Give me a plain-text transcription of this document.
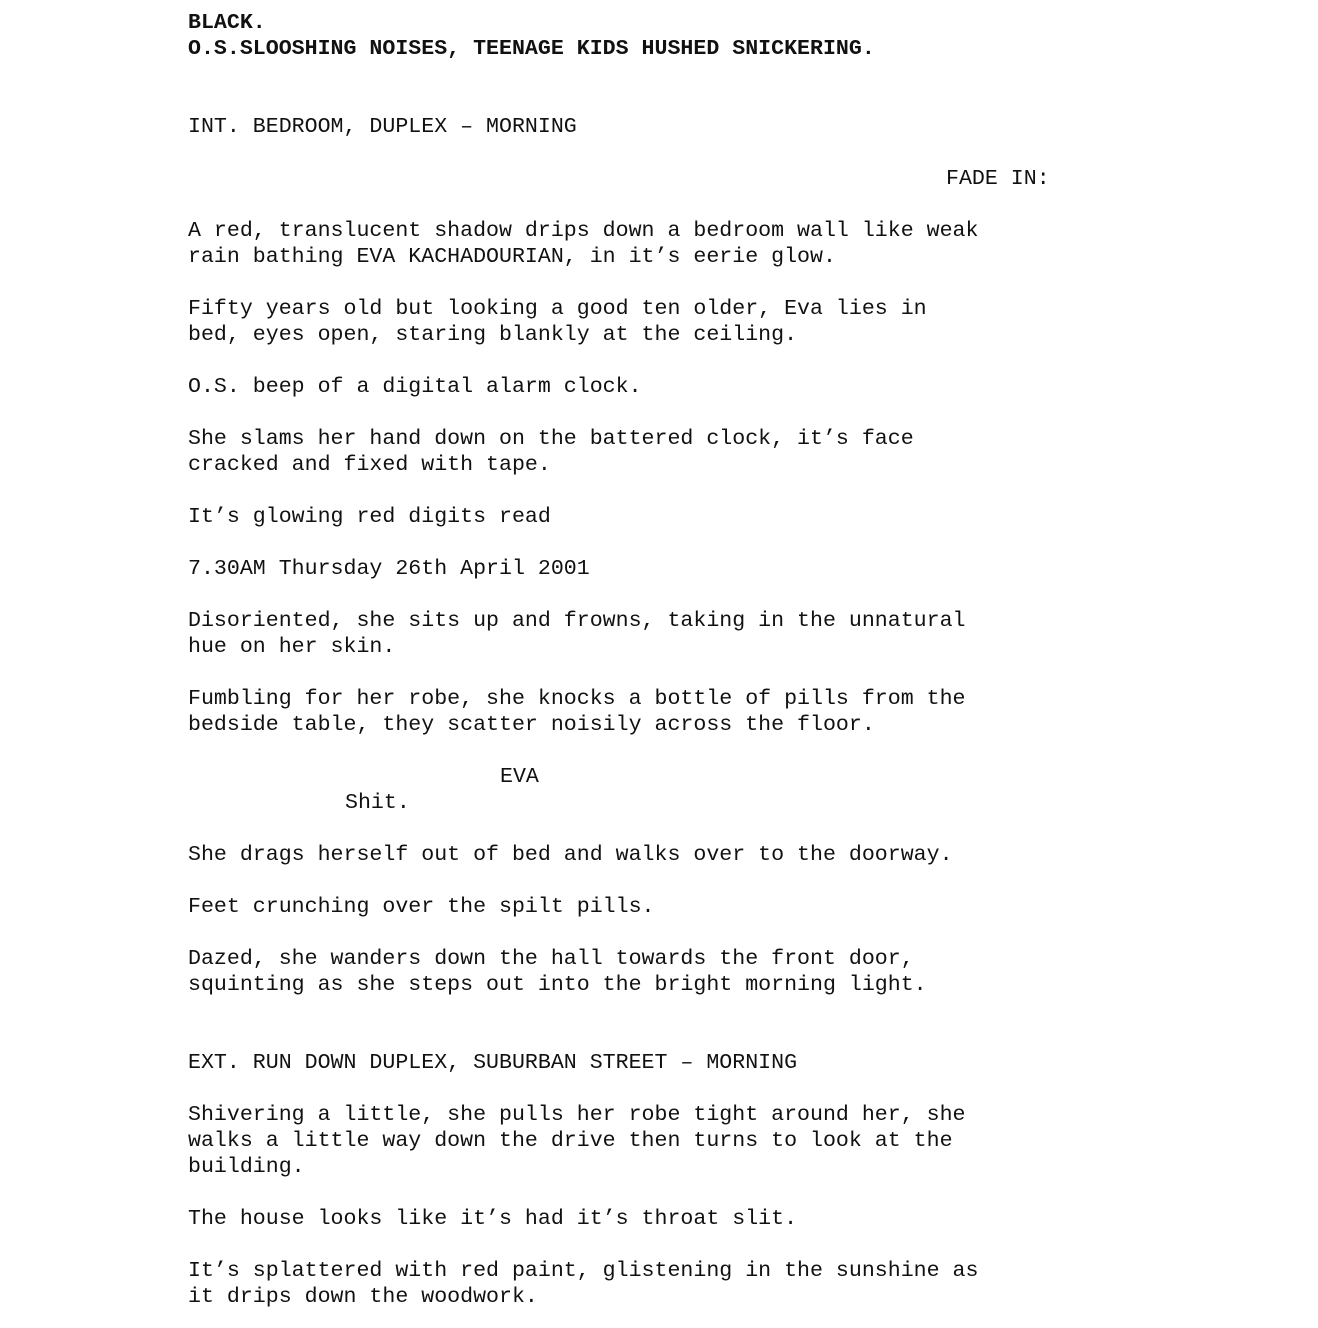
BLACK.
O.S.SLOOSHING NOISES, TEENAGE KIDS HUSHED SNICKERING.
INT. BEDROOM, DUPLEX – MORNING
FADE IN:
A red, translucent shadow drips down a bedroom wall like weak
rain bathing EVA KACHADOURIAN, in it’s eerie glow.
Fifty years old but looking a good ten older, Eva lies in
bed, eyes open, staring blankly at the ceiling.
O.S. beep of a digital alarm clock.
She slams her hand down on the battered clock, it’s face
cracked and fixed with tape.
It’s glowing red digits read
7.30AM Thursday 26th April 2001
Disoriented, she sits up and frowns, taking in the unnatural
hue on her skin.
Fumbling for her robe, she knocks a bottle of pills from the
bedside table, they scatter noisily across the floor.
EVA
Shit.
She drags herself out of bed and walks over to the doorway.
Feet crunching over the spilt pills.
Dazed, she wanders down the hall towards the front door,
squinting as she steps out into the bright morning light.
EXT. RUN DOWN DUPLEX, SUBURBAN STREET – MORNING
Shivering a little, she pulls her robe tight around her, she
walks a little way down the drive then turns to look at the
building.
The house looks like it’s had it’s throat slit.
It’s splattered with red paint, glistening in the sunshine as
it drips down the woodwork.
